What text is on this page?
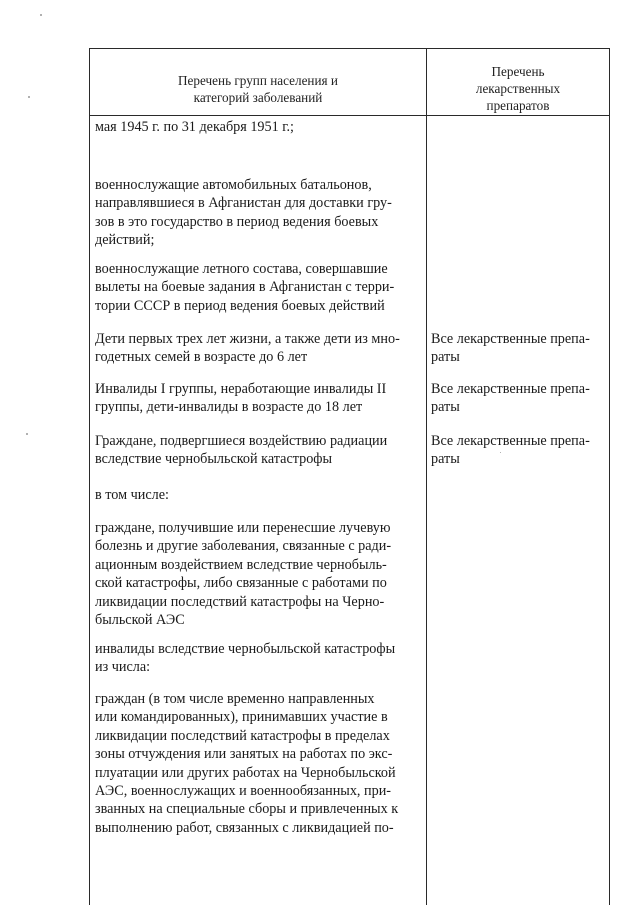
Перечень групп населения и
категорий заболеваний
Перечень
лекарственных
препаратов
мая 1945 г. по 31 декабря 1951 г.;
военнослужащие автомобильных батальонов,
направлявшиеся в Афганистан для доставки гру-
зов в это государство в период ведения боевых
действий;
военнослужащие летного состава, совершавшие
вылеты на боевые задания в Афганистан с терри-
тории СССР в период ведения боевых действий
Дети первых трех лет жизни, а также дети из мно-
годетных семей в возрасте до 6 лет
Все лекарственные препа-
раты
Инвалиды I группы, неработающие инвалиды II
группы, дети-инвалиды в возрасте до 18 лет
Все лекарственные препа-
раты
Граждане, подвергшиеся воздействию радиации
вследствие чернобыльской катастрофы
Все лекарственные препа-
раты
в том числе:
граждане, получившие или перенесшие лучевую
болезнь и другие заболевания, связанные с ради-
ационным воздействием вследствие чернобыль-
ской катастрофы, либо связанные с работами по
ликвидации последствий катастрофы на Черно-
быльской АЭС
инвалиды вследствие чернобыльской катастрофы
из числа:
граждан (в том числе временно направленных
или командированных), принимавших участие в
ликвидации последствий катастрофы в пределах
зоны отчуждения или занятых на работах по экс-
плуатации или других работах на Чернобыльской
АЭС, военнослужащих и военнообязанных, при-
званных на специальные сборы и привлеченных к
выполнению работ, связанных с ликвидацией по-
